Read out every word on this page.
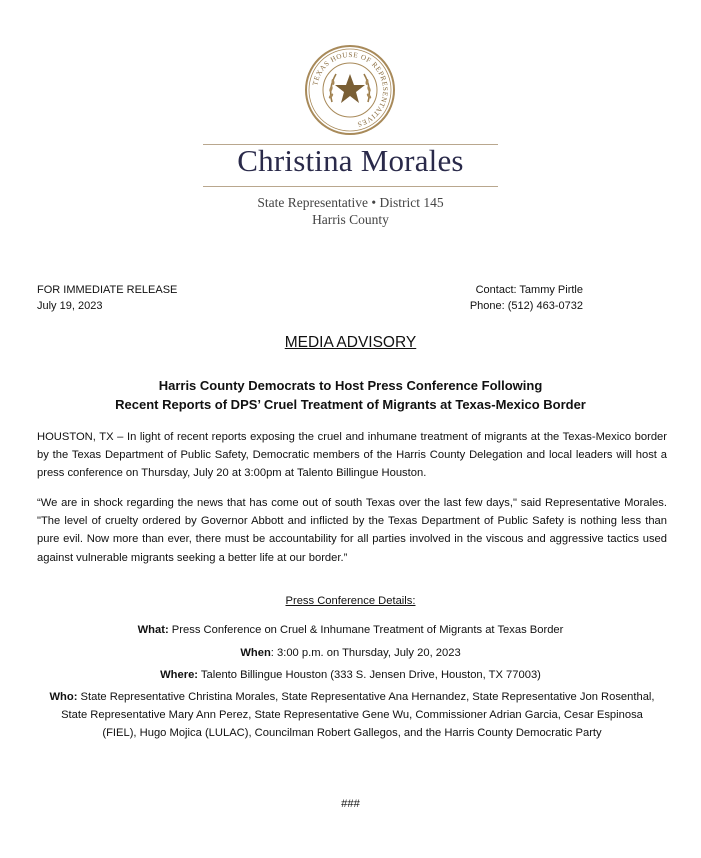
TEXAS HOUSE OF REPRESENTATIVES
Christina Morales
State Representative • District 145
Harris County
FOR IMMEDIATE RELEASE
July 19, 2023
Contact: Tammy Pirtle
Phone: (512) 463-0732
MEDIA ADVISORY
Harris County Democrats to Host Press Conference Following
Recent Reports of DPS’ Cruel Treatment of Migrants at Texas-Mexico Border
HOUSTON, TX – In light of recent reports exposing the cruel and inhumane treatment of migrants at the Texas-Mexico border by the Texas Department of Public Safety, Democratic members of the Harris County Delegation and local leaders will host a press conference on Thursday, July 20 at 3:00pm at Talento Billingue Houston.
“We are in shock regarding the news that has come out of south Texas over the last few days," said Representative Morales. "The level of cruelty ordered by Governor Abbott and inflicted by the Texas Department of Public Safety is nothing less than pure evil. Now more than ever, there must be accountability for all parties involved in the viscous and aggressive tactics used against vulnerable migrants seeking a better life at our border.”
Press Conference Details:
What: Press Conference on Cruel & Inhumane Treatment of Migrants at Texas Border
When: 3:00 p.m. on Thursday, July 20, 2023
Where: Talento Billingue Houston (333 S. Jensen Drive, Houston, TX 77003)
Who: State Representative Christina Morales, State Representative Ana Hernandez, State Representative Jon Rosenthal, State Representative Mary Ann Perez, State Representative Gene Wu, Commissioner Adrian Garcia, Cesar Espinosa (FIEL), Hugo Mojica (LULAC), Councilman Robert Gallegos, and the Harris County Democratic Party
###
